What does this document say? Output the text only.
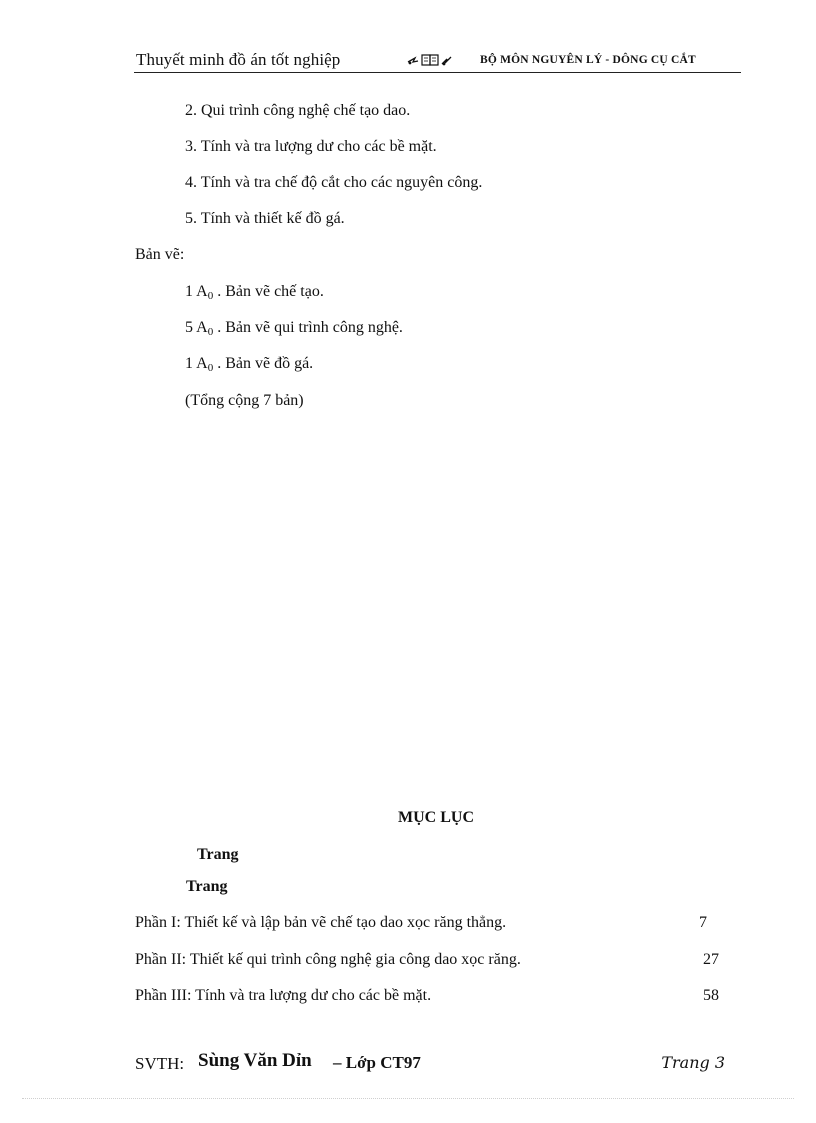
Thuyết minh đồ án tốt nghiệp	BỘ MÔN NGUYÊN LÝ - DÔNG CỤ CẮT
2. Qui trình công nghệ chế tạo dao.
3. Tính và tra lượng dư cho các bề mặt.
4. Tính và tra chế độ cắt cho các nguyên công.
5. Tính và thiết kế đồ gá.
Bản vẽ:
1 $A_0$ . Bản vẽ chế tạo.
5 $A_0$ . Bản vẽ qui trình công nghệ.
1 $A_0$ . Bản vẽ đồ gá.
(Tổng cộng 7 bản)
MỤC LỤC
Trang
Trang
Phần I: Thiết kế và lập bản vẽ chế tạo dao xọc răng thẳng.	7
Phần II: Thiết kế qui trình công nghệ gia công dao xọc răng.	27
Phần III: Tính và tra lượng dư cho các bề mặt.	58
SVTH: Sùng Văn Dỉn – Lớp CT97	Trang 3
